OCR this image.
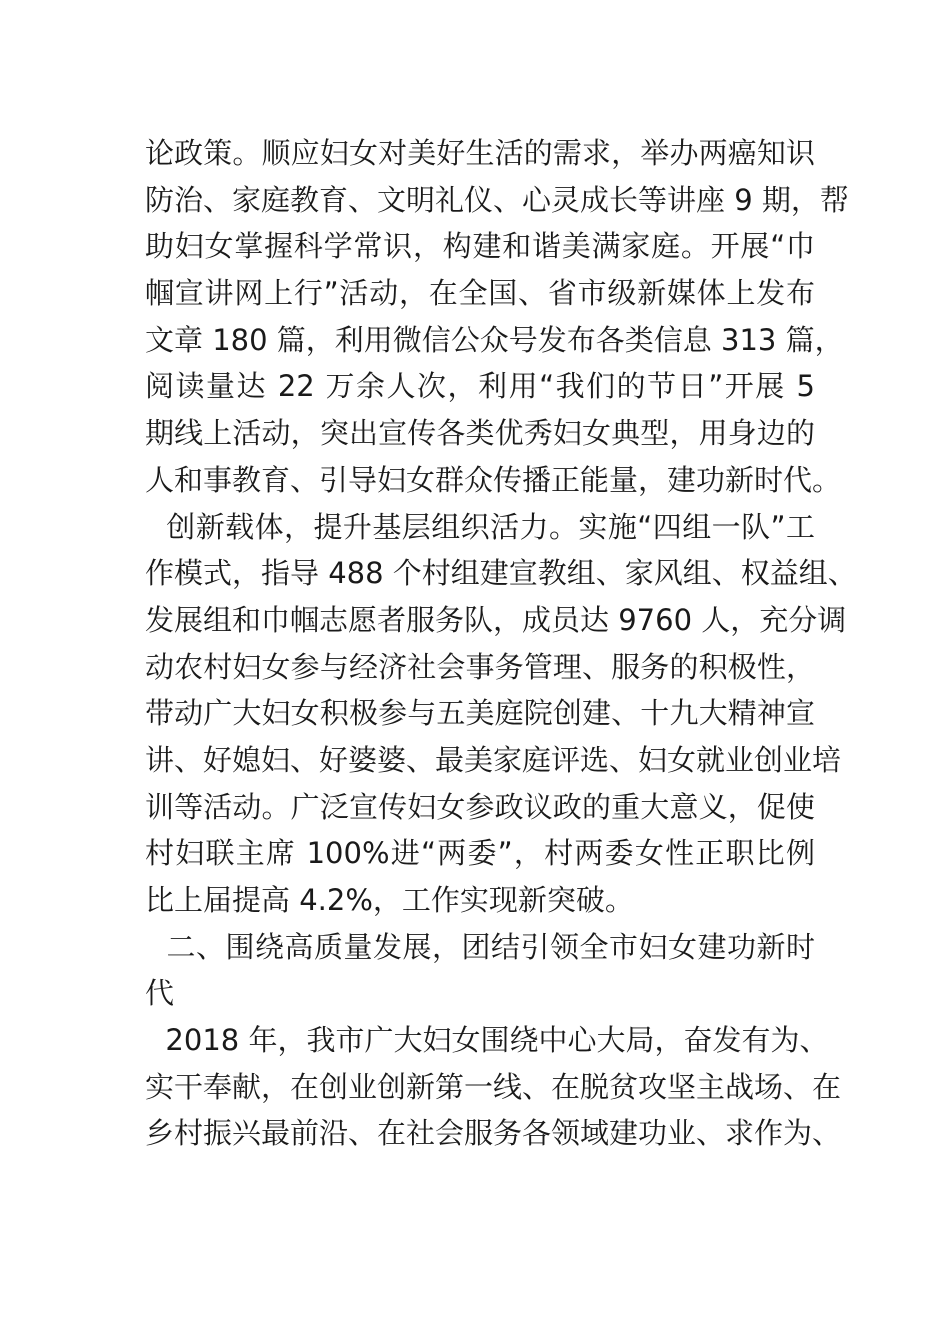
论政策。顺应妇女对美好生活的需求，举办两癌知识
防治、家庭教育、文明礼仪、心灵成长等讲座 9 期，帮
助妇女掌握科学常识，构建和谐美满家庭。开展“巾
帼宣讲网上行”活动，在全国、省市级新媒体上发布
文章 180 篇，利用微信公众号发布各类信息 313 篇，
阅读量达 22 万余人次，利用“我们的节日”开展 5
期线上活动，突出宣传各类优秀妇女典型，用身边的
人和事教育、引导妇女群众传播正能量，建功新时代。
创新载体，提升基层组织活力。实施“四组一队”工
作模式，指导 488 个村组建宣教组、家风组、权益组、
发展组和巾帼志愿者服务队，成员达 9760 人，充分调
动农村妇女参与经济社会事务管理、服务的积极性，
带动广大妇女积极参与五美庭院创建、十九大精神宣
讲、好媳妇、好婆婆、最美家庭评选、妇女就业创业培
训等活动。广泛宣传妇女参政议政的重大意义，促使
村妇联主席 100%进“两委”，村两委女性正职比例
比上届提高 4.2%，工作实现新突破。
二、围绕高质量发展，团结引领全市妇女建功新时
代
2018 年，我市广大妇女围绕中心大局，奋发有为、
实干奉献，在创业创新第一线、在脱贫攻坚主战场、在
乡村振兴最前沿、在社会服务各领域建功业、求作为、
